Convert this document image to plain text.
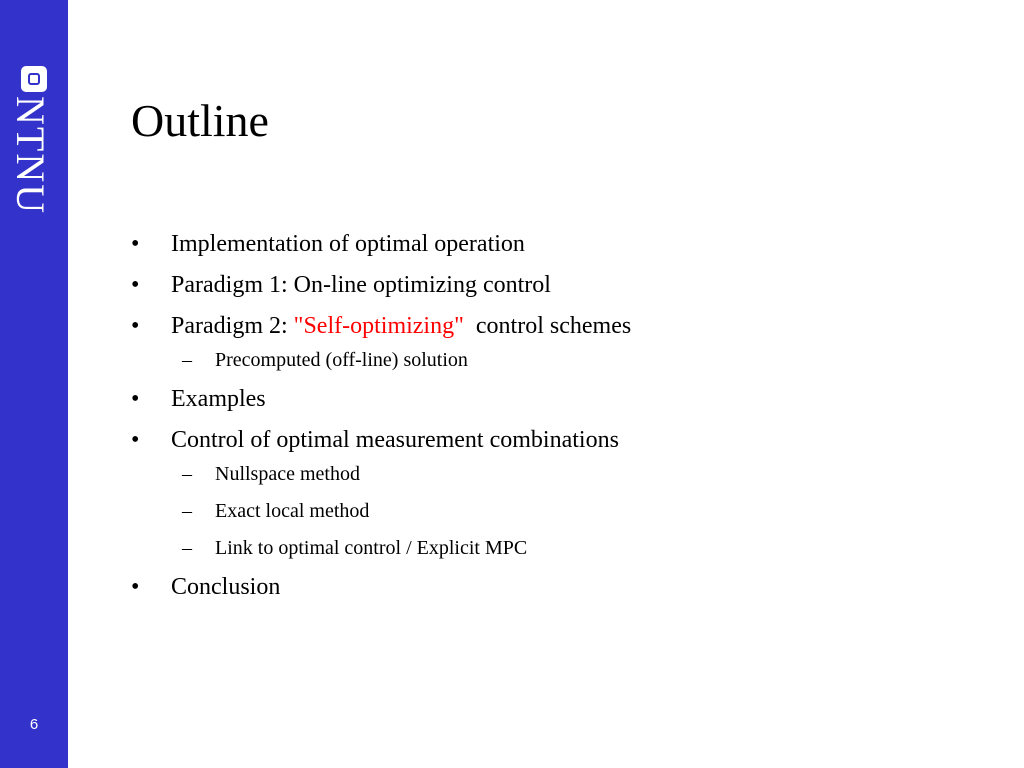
NTNU
6
Outline
• Implementation of optimal operation
• Paradigm 1: On-line optimizing control
• Paradigm 2: "Self-optimizing"  control schemes
– Precomputed (off-line) solution
• Examples
• Control of optimal measurement combinations
– Nullspace method
– Exact local method
– Link to optimal control / Explicit MPC
• Conclusion
